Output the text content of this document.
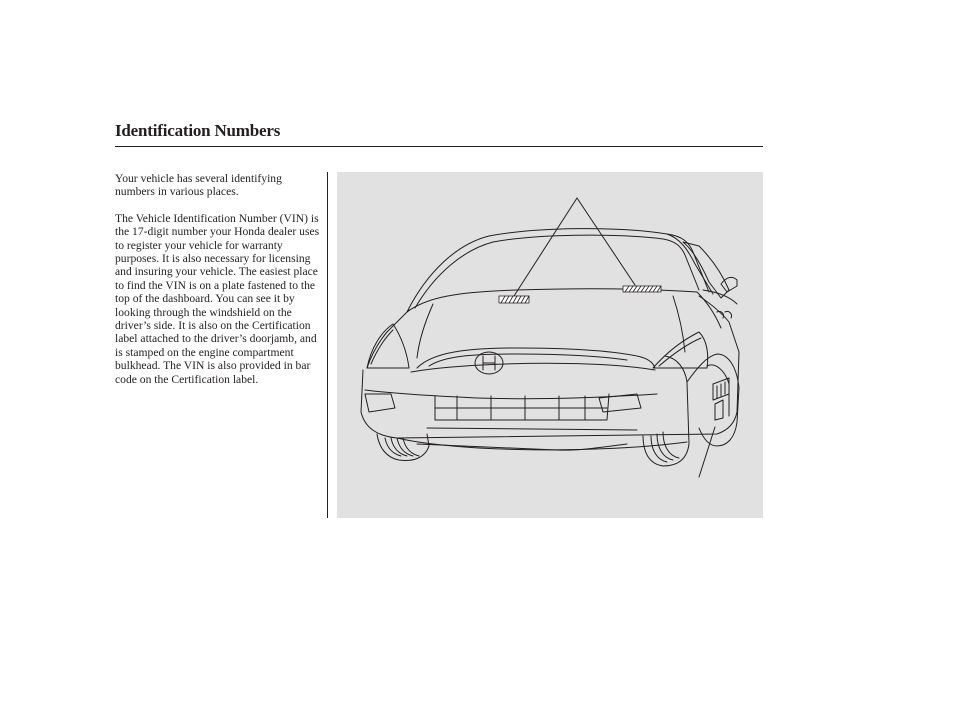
Identification Numbers

Your vehicle has several identifying numbers in various places.

The Vehicle Identification Number (VIN) is the 17-digit number your Honda dealer uses to register your vehicle for warranty purposes. It is also necessary for licensing and insuring your vehicle. The easiest place to find the VIN is on a plate fastened to the top of the dashboard. You can see it by looking through the windshield on the driver’s side. It is also on the Certification label attached to the driver’s doorjamb, and is stamped on the engine compartment bulkhead. The VIN is also provided in bar code on the Certification label.
